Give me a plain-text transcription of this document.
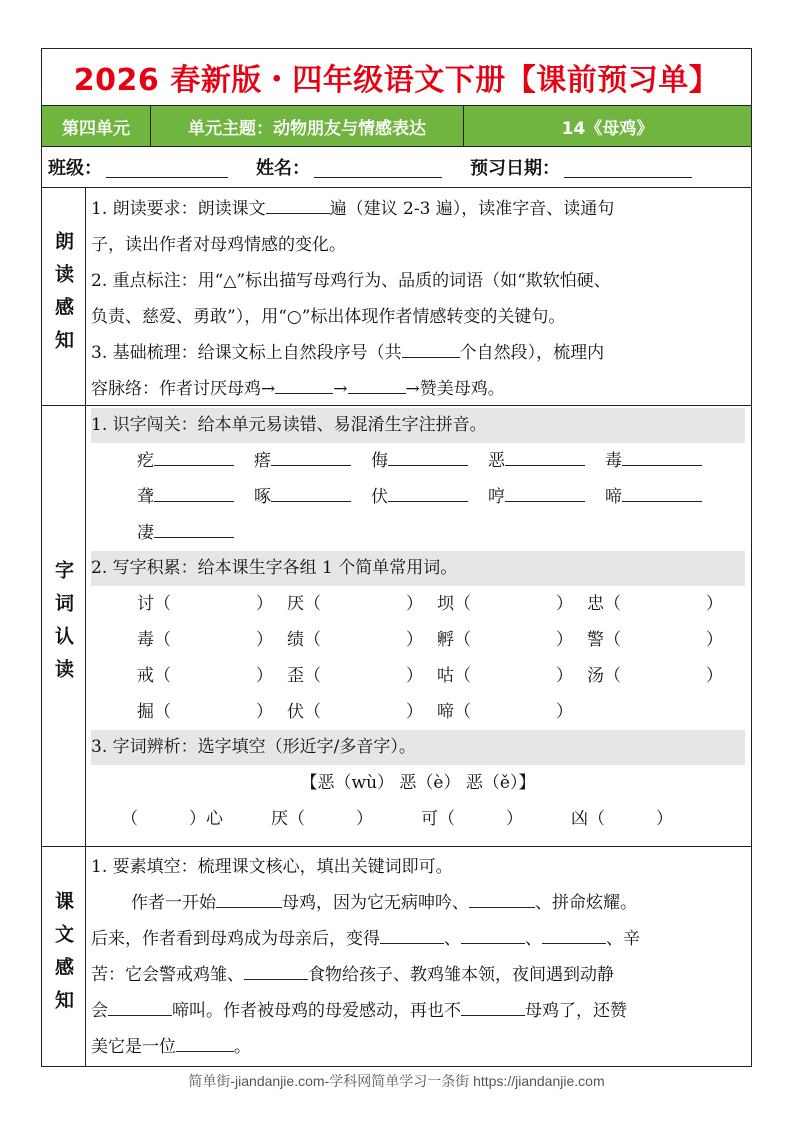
2026 春新版・四年级语文下册【课前预习单】
第四单元	单元主题：动物朋友与情感表达	14《母鸡》
班级：	姓名：	预习日期：
朗读感知
1. 朗读要求：朗读课文	遍（建议 2-3 遍），读准字音、读通句
子，读出作者对母鸡情感的变化。
2. 重点标注：用“△”标出描写母鸡行为、品质的词语（如“欺软怕硬、
负责、慈爱、勇敢”），用“○”标出体现作者情感转变的关键句。
3. 基础梳理：给课文标上自然段序号（共	个自然段），梳理内
容脉络：作者讨厌母鸡→	→	→赞美母鸡。
字词认读
1. 识字闯关：给本单元易读错、易混淆生字注拼音。
疙	瘩	侮	恶	毒
聋	啄	伏	哼	啼
凄
2. 写字积累：给本课生字各组 1 个简单常用词。
讨（　　　　　） 厌（　　　　　） 坝（　　　　　） 忠（　　　　　）
毒（　　　　　） 绩（　　　　　） 孵（　　　　　） 警（　　　　　）
戒（　　　　　） 歪（　　　　　） 咕（　　　　　） 汤（　　　　　）
掘（　　　　　） 伏（　　　　　） 啼（　　　　　）
3. 字词辨析：选字填空（形近字/多音字）。
【恶（wù） 恶（è） 恶（ě）】
（　　　）心	厌（　　　）	可（　　　）	凶（　　　）
课文感知
1. 要素填空：梳理课文核心，填出关键词即可。
作者一开始	母鸡，因为它无病呻吟、	、拼命炫耀。
后来，作者看到母鸡成为母亲后，变得	、	、	、辛
苦：它会警戒鸡雏、	食物给孩子、教鸡雏本领，夜间遇到动静
会	啼叫。作者被母鸡的母爱感动，再也不	母鸡了，还赞
美它是一位	。
简单街-jiandanjie.com-学科网简单学习一条街 https://jiandanjie.com
